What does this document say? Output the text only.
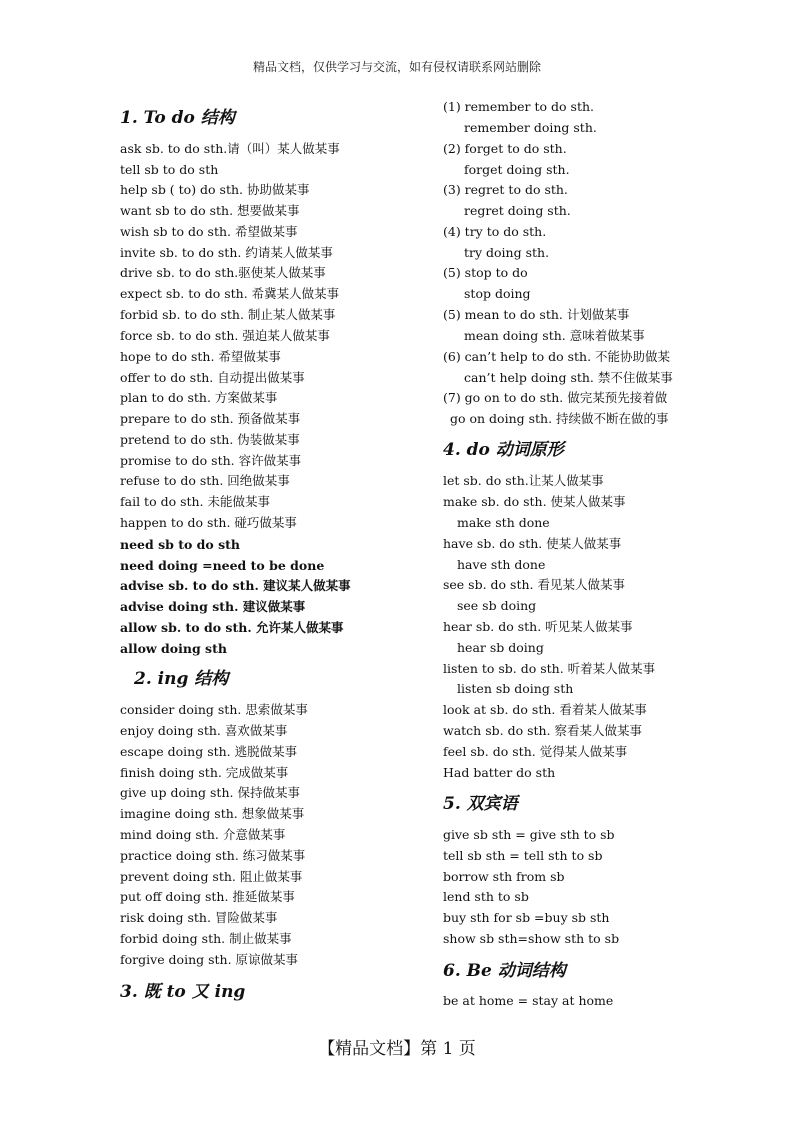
精品文档，仅供学习与交流，如有侵权请联系网站删除
1. To do 结构
ask sb. to do sth.请（叫）某人做某事
tell sb to do sth
help sb ( to) do sth. 协助做某事
want sb to do sth. 想要做某事
wish sb to do sth. 希望做某事
invite sb. to do sth. 约请某人做某事
drive sb. to do sth.驱使某人做某事
expect sb. to do sth. 希冀某人做某事
forbid sb. to do sth. 制止某人做某事
force sb. to do sth. 强迫某人做某事
hope to do sth. 希望做某事
offer to do sth. 自动提出做某事
plan to do sth. 方案做某事
prepare to do sth. 预备做某事
pretend to do sth. 伪装做某事
promise to do sth. 容许做某事
refuse to do sth. 回绝做某事
fail to do sth. 未能做某事
happen to do sth. 碰巧做某事
need sb to do sth
need doing =need to be done
advise sb. to do sth. 建议某人做某事
advise doing sth. 建议做某事
allow sb. to do sth. 允许某人做某事
allow doing sth
2. ing 结构
consider doing sth. 思索做某事
enjoy doing sth. 喜欢做某事
escape doing sth. 逃脱做某事
finish doing sth. 完成做某事
give up doing sth. 保持做某事
imagine doing sth. 想象做某事
mind doing sth. 介意做某事
practice doing sth. 练习做某事
prevent doing sth. 阻止做某事
put off doing sth. 推延做某事
risk doing sth. 冒险做某事
forbid doing sth. 制止做某事
forgive doing sth. 原谅做某事
3. 既 to 又 ing
(1) remember to do sth.
remember doing sth.
(2) forget to do sth.
forget doing sth.
(3) regret to do sth.
regret doing sth.
(4) try to do sth.
try doing sth.
(5) stop to do
stop doing
(5) mean to do sth. 计划做某事
mean doing sth. 意味着做某事
(6) can’t help to do sth. 不能协助做某
can’t help doing sth. 禁不住做某事
(7) go on to do sth. 做完某预先接着做
go on doing sth. 持续做不断在做的事
4. do 动词原形
let sb. do sth.让某人做某事
make sb. do sth. 使某人做某事
make sth done
have sb. do sth. 使某人做某事
have sth done
see sb. do sth. 看见某人做某事
see sb doing
hear sb. do sth. 听见某人做某事
hear sb doing
listen to sb. do sth. 听着某人做某事
listen sb doing sth
look at sb. do sth. 看着某人做某事
watch sb. do sth. 察看某人做某事
feel sb. do sth. 觉得某人做某事
Had batter do sth
5. 双宾语
give sb sth = give sth to sb
tell sb sth = tell sth to sb
borrow sth from sb
lend sth to sb
buy sth for sb =buy sb sth
show sb sth=show sth to sb
6. Be 动词结构
be at home = stay at home
【精品文档】第 1 页
